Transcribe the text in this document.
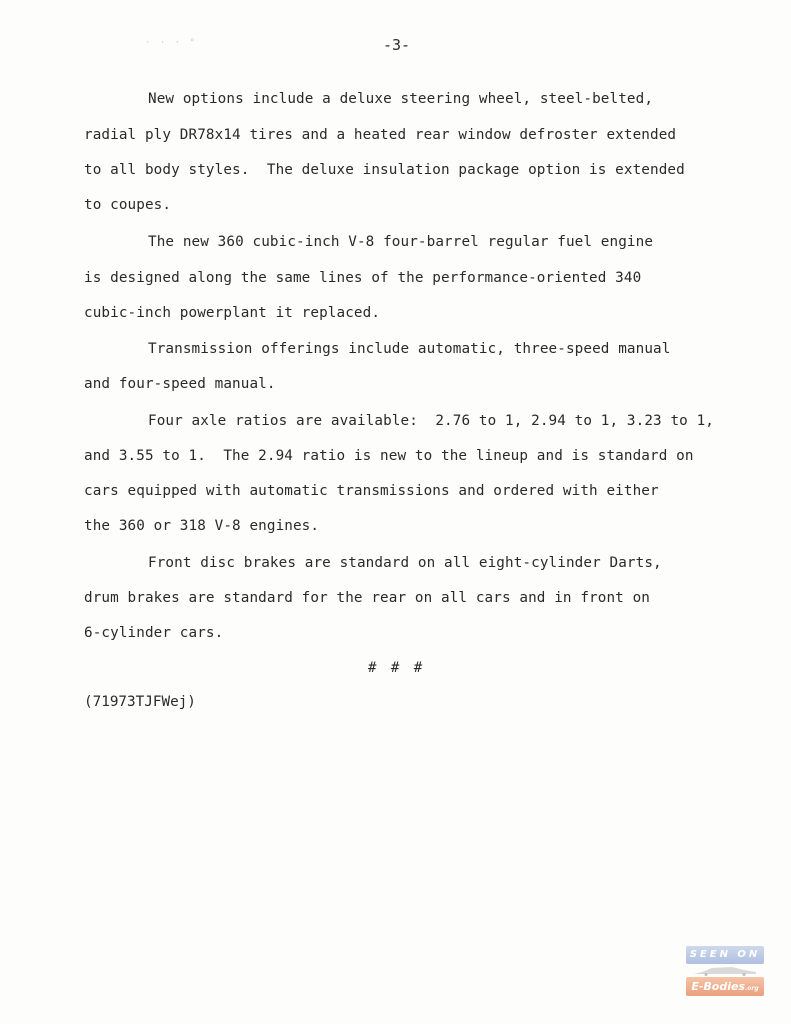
· · · °	-3-
New options include a deluxe steering wheel, steel-belted,
radial ply DR78x14 tires and a heated rear window defroster extended
to all body styles.  The deluxe insulation package option is extended
to coupes.
The new 360 cubic-inch V-8 four-barrel regular fuel engine
is designed along the same lines of the performance-oriented 340
cubic-inch powerplant it replaced.
Transmission offerings include automatic, three-speed manual
and four-speed manual.
Four axle ratios are available:  2.76 to 1, 2.94 to 1, 3.23 to 1,
and 3.55 to 1.  The 2.94 ratio is new to the lineup and is standard on
cars equipped with automatic transmissions and ordered with either
the 360 or 318 V-8 engines.
Front disc brakes are standard on all eight-cylinder Darts,
drum brakes are standard for the rear on all cars and in front on
6-cylinder cars.
# # #
(71973TJFWej)
SEEN ON
E-Bodies.org
